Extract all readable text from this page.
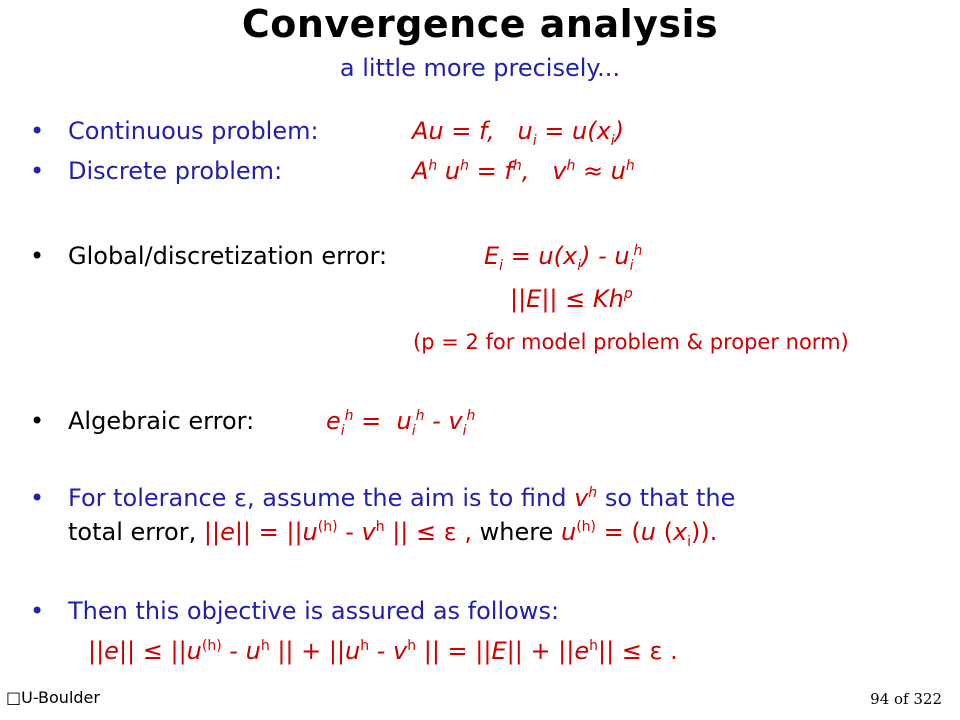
Convergence analysis
a little more precisely...
• Continuous problem:	Au = f,   $u_i = u(x_i)$
• Discrete problem:	$A^h$ $u^h = f^h$,   $v^h \approx u^h$
• Global/discretization error:	$E_i = u(x_i) - u_i^h$
$||E|| \le Kh^p$
(p = 2 for model problem & proper norm)
• Algebraic error:	$e_i^h = u_i^h - v_i^h$
• For tolerance ε, assume the aim is to find $v^h$ so that the
total error, $||e|| = ||u^{(h)} - v^h$ || ≤ ε , where $u^{(h)} = (u$ $(x_i)$).
• Then this objective is assured as follows:
$||e|| \le ||u^{(h)} - u^h$ || + $||u^h - v^h$ || = $||E|| + ||e^h|| \le \varepsilon$ .
□U-Boulder	94 of 322
